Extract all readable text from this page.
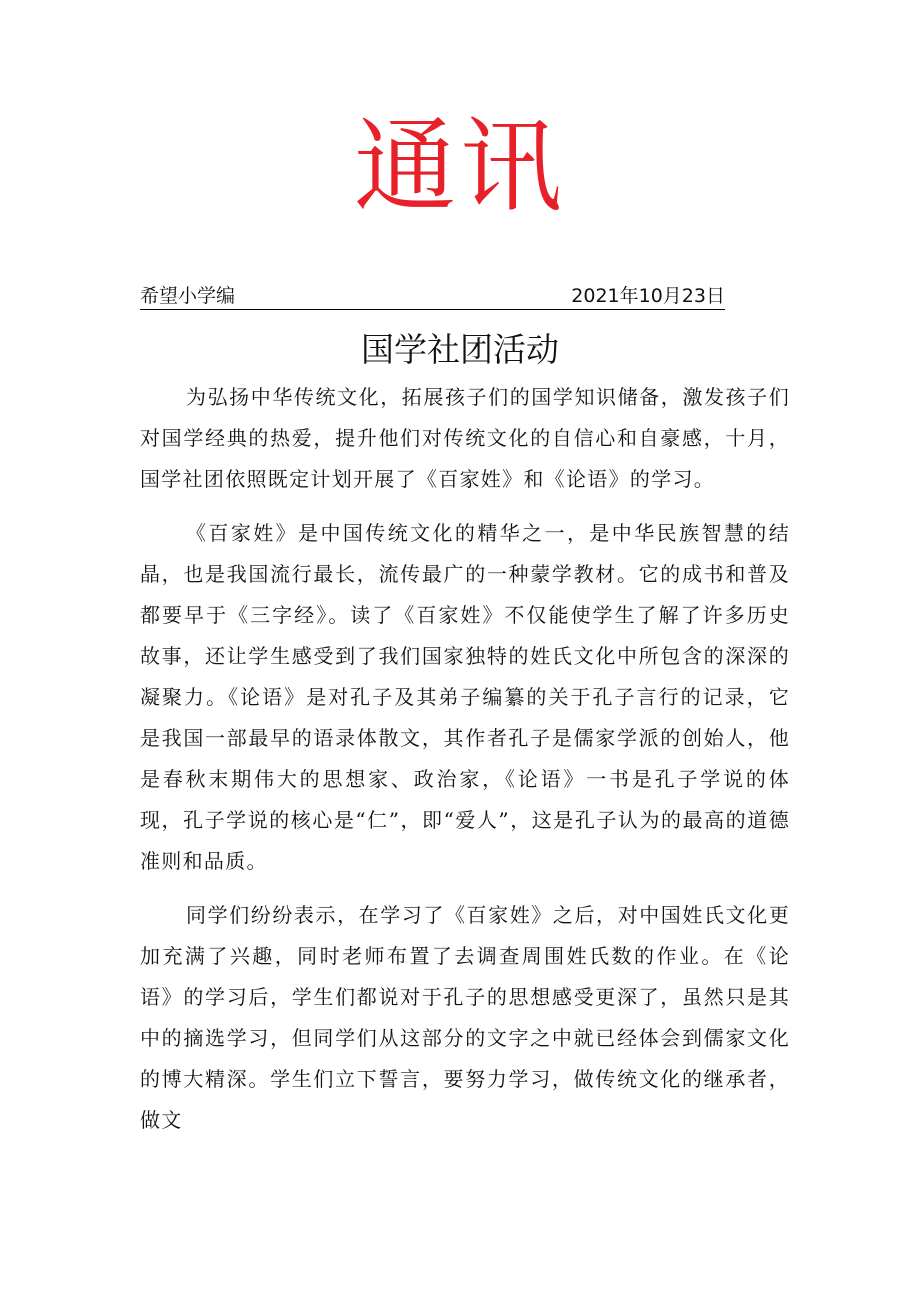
通讯
希望小学编	2021年10月23日
国学社团活动

为弘扬中华传统文化，拓展孩子们的国学知识储备，激发孩子们对国学经典的热爱，提升他们对传统文化的自信心和自豪感，十月，国学社团依照既定计划开展了《百家姓》和《论语》的学习。

《百家姓》是中国传统文化的精华之一，是中华民族智慧的结晶，也是我国流行最长，流传最广的一种蒙学教材。它的成书和普及都要早于《三字经》。读了《百家姓》不仅能使学生了解了许多历史故事，还让学生感受到了我们国家独特的姓氏文化中所包含的深深的凝聚力。《论语》是对孔子及其弟子编纂的关于孔子言行的记录，它是我国一部最早的语录体散文，其作者孔子是儒家学派的创始人，他是春秋末期伟大的思想家、政治家，《论语》一书是孔子学说的体现，孔子学说的核心是“仁”，即“爱人”，这是孔子认为的最高的道德准则和品质。

同学们纷纷表示，在学习了《百家姓》之后，对中国姓氏文化更加充满了兴趣，同时老师布置了去调查周围姓氏数的作业。在《论语》的学习后，学生们都说对于孔子的思想感受更深了，虽然只是其中的摘选学习，但同学们从这部分的文字之中就已经体会到儒家文化的博大精深。学生们立下誓言，要努力学习，做传统文化的继承者，做文
